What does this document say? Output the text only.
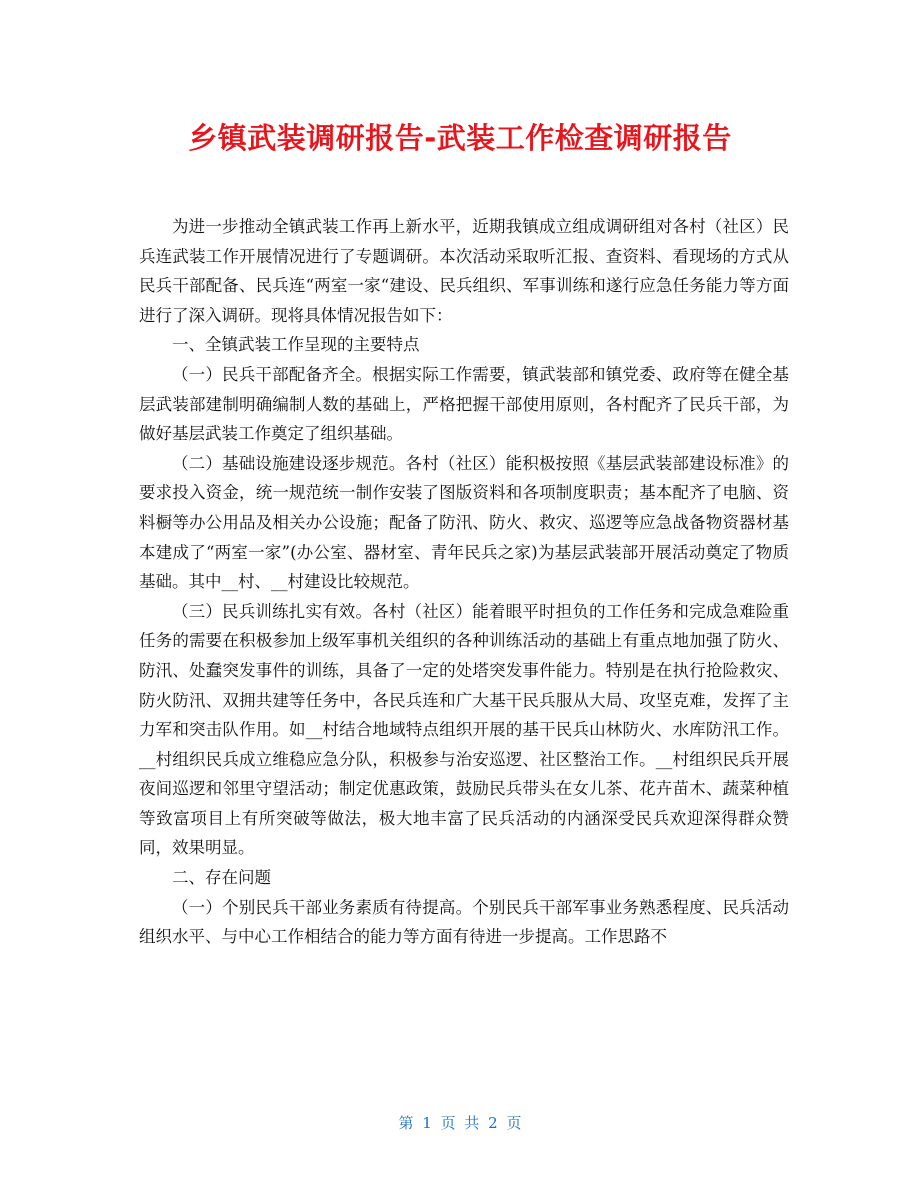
乡镇武装调研报告-武装工作检查调研报告

为进一步推动全镇武装工作再上新水平，近期我镇成立组成调研组对各村（社区）民兵连武装工作开展情况进行了专题调研。本次活动采取听汇报、查资料、看现场的方式从民兵干部配备、民兵连“两室一家“建设、民兵组织、军事训练和遂行应急任务能力等方面进行了深入调研。现将具体情况报告如下：

一、全镇武装工作呈现的主要特点

（一）民兵干部配备齐全。根据实际工作需要，镇武装部和镇党委、政府等在健全基层武装部建制明确编制人数的基础上，严格把握干部使用原则，各村配齐了民兵干部，为做好基层武装工作奠定了组织基础。

（二）基础设施建设逐步规范。各村（社区）能积极按照《基层武装部建设标准》的要求投入资金，统一规范统一制作安装了图版资料和各项制度职责；基本配齐了电脑、资料橱等办公用品及相关办公设施；配备了防汛、防火、救灾、巡逻等应急战备物资器材基本建成了“两室一家”(办公室、器材室、青年民兵之家)为基层武装部开展活动奠定了物质基础。其中__村、__村建设比较规范。

（三）民兵训练扎实有效。各村（社区）能着眼平时担负的工作任务和完成急难险重任务的需要在积极参加上级军事机关组织的各种训练活动的基础上有重点地加强了防火、防汛、处蠢突发事件的训练，具备了一定的处塔突发事件能力。特别是在执行抢险救灾、防火防汛、双拥共建等任务中，各民兵连和广大基干民兵服从大局、攻坚克难，发挥了主力军和突击队作用。如__村结合地域特点组织开展的基干民兵山林防火、水库防汛工作。__村组织民兵成立维稳应急分队，积极参与治安巡逻、社区整治工作。__村组织民兵开展夜间巡逻和邻里守望活动；制定优惠政策，鼓励民兵带头在女儿茶、花卉苗木、蔬菜种植等致富项目上有所突破等做法，极大地丰富了民兵活动的内涵深受民兵欢迎深得群众赞同，效果明显。

二、存在问题

（一）个别民兵干部业务素质有待提高。个别民兵干部军事业务熟悉程度、民兵活动组织水平、与中心工作相结合的能力等方面有待进一步提高。工作思路不

第 1 页 共 2 页
